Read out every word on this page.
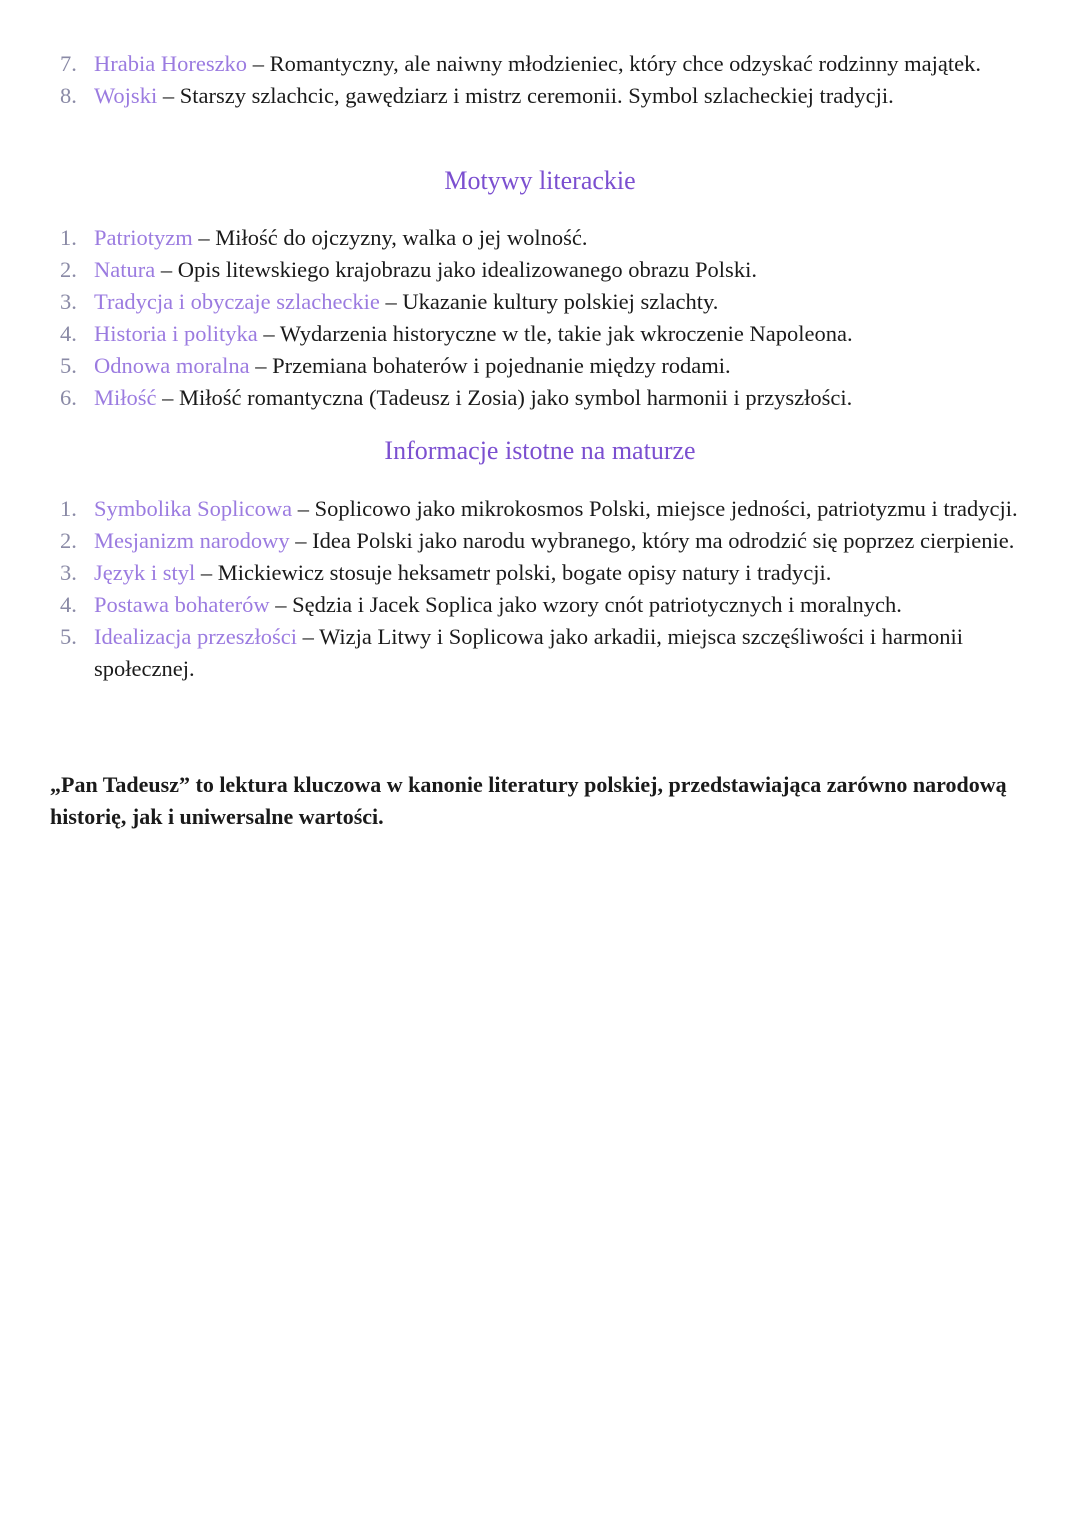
7. Hrabia Horeszko – Romantyczny, ale naiwny młodzieniec, który chce odzyskać rodzinny majątek.
8. Wojski – Starszy szlachcic, gawędziarz i mistrz ceremonii. Symbol szlacheckiej tradycji.
Motywy literackie
1. Patriotyzm – Miłość do ojczyzny, walka o jej wolność.
2. Natura – Opis litewskiego krajobrazu jako idealizowanego obrazu Polski.
3. Tradycja i obyczaje szlacheckie – Ukazanie kultury polskiej szlachty.
4. Historia i polityka – Wydarzenia historyczne w tle, takie jak wkroczenie Napoleona.
5. Odnowa moralna – Przemiana bohaterów i pojednanie między rodami.
6. Miłość – Miłość romantyczna (Tadeusz i Zosia) jako symbol harmonii i przyszłości.
Informacje istotne na maturze
1. Symbolika Soplicowa – Soplicowo jako mikrokosmos Polski, miejsce jedności, patriotyzmu i tradycji.
2. Mesjanizm narodowy – Idea Polski jako narodu wybranego, który ma odrodzić się poprzez cierpienie.
3. Język i styl – Mickiewicz stosuje heksametr polski, bogate opisy natury i tradycji.
4. Postawa bohaterów – Sędzia i Jacek Soplica jako wzory cnót patriotycznych i moralnych.
5. Idealizacja przeszłości – Wizja Litwy i Soplicowa jako arkadii, miejsca szczęśliwości i harmonii społecznej.

„Pan Tadeusz” to lektura kluczowa w kanonie literatury polskiej, przedstawiająca zarówno narodową historię, jak i uniwersalne wartości.
